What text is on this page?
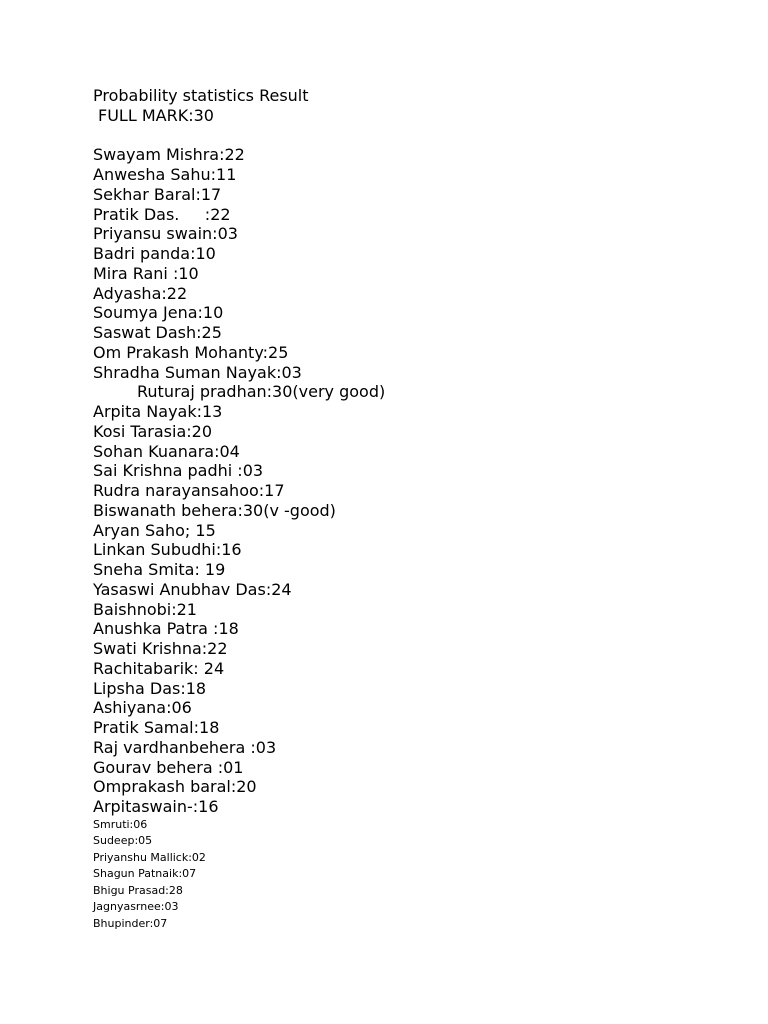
Probability statistics Result

FULL MARK:30

Swayam Mishra:22

Anwesha Sahu:11

Sekhar Baral:17

Pratik Das.     :22

Priyansu swain:03

Badri panda:10

Mira Rani :10

Adyasha:22

Soumya Jena:10

Saswat Dash:25

Om Prakash Mohanty:25

Shradha Suman Nayak:03

Ruturaj pradhan:30(very good)

Arpita Nayak:13

Kosi Tarasia:20

Sohan Kuanara:04

Sai Krishna padhi :03

Rudra narayansahoo:17

Biswanath behera:30(v -good)

Aryan Saho; 15

Linkan Subudhi:16

Sneha Smita: 19

Yasaswi Anubhav Das:24

Baishnobi:21

Anushka Patra :18

Swati Krishna:22

Rachitabarik: 24

Lipsha Das:18

Ashiyana:06

Pratik Samal:18

Raj vardhanbehera :03

Gourav behera :01

Omprakash baral:20

Arpitaswain-:16

Smruti:06

Sudeep:05

Priyanshu Mallick:02

Shagun Patnaik:07

Bhigu Prasad:28

Jagnyasrnee:03

Bhupinder:07
